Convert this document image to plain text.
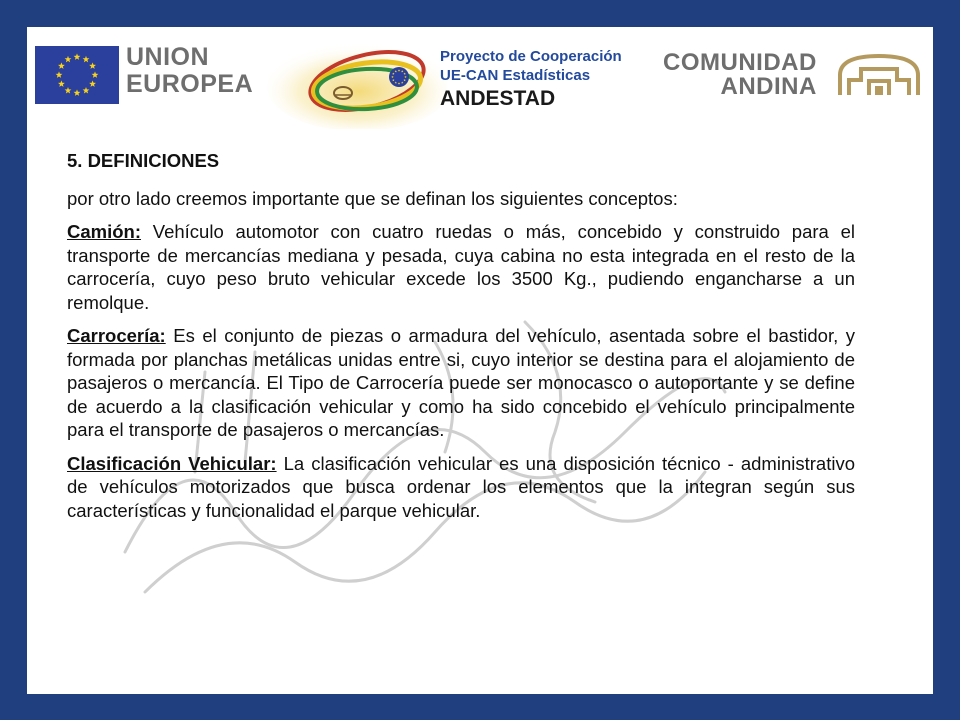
UNION
EUROPEA
Proyecto de Cooperación
UE-CAN Estadísticas
ANDESTAD
COMUNIDAD
ANDINA

5. DEFINICIONES

por otro lado creemos importante que se definan los siguientes conceptos:

Camión: Vehículo automotor con cuatro ruedas o más, concebido y construido para el transporte de mercancías mediana y pesada, cuya cabina no esta integrada en el resto de la carrocería, cuyo peso bruto vehicular excede los 3500 Kg., pudiendo engancharse a un remolque.

Carrocería: Es el conjunto de piezas o armadura del vehículo, asentada sobre el bastidor, y formada por planchas metálicas unidas entre si, cuyo interior se destina para el alojamiento de pasajeros o mercancía. El Tipo de Carrocería puede ser monocasco o autoportante y se define de acuerdo a la clasificación vehicular y como ha sido concebido el vehículo principalmente para el transporte de pasajeros o mercancías.

Clasificación Vehicular: La clasificación vehicular es una disposición técnico - administrativo de vehículos motorizados que busca ordenar los elementos que la integran según sus características y funcionalidad el parque vehicular.
